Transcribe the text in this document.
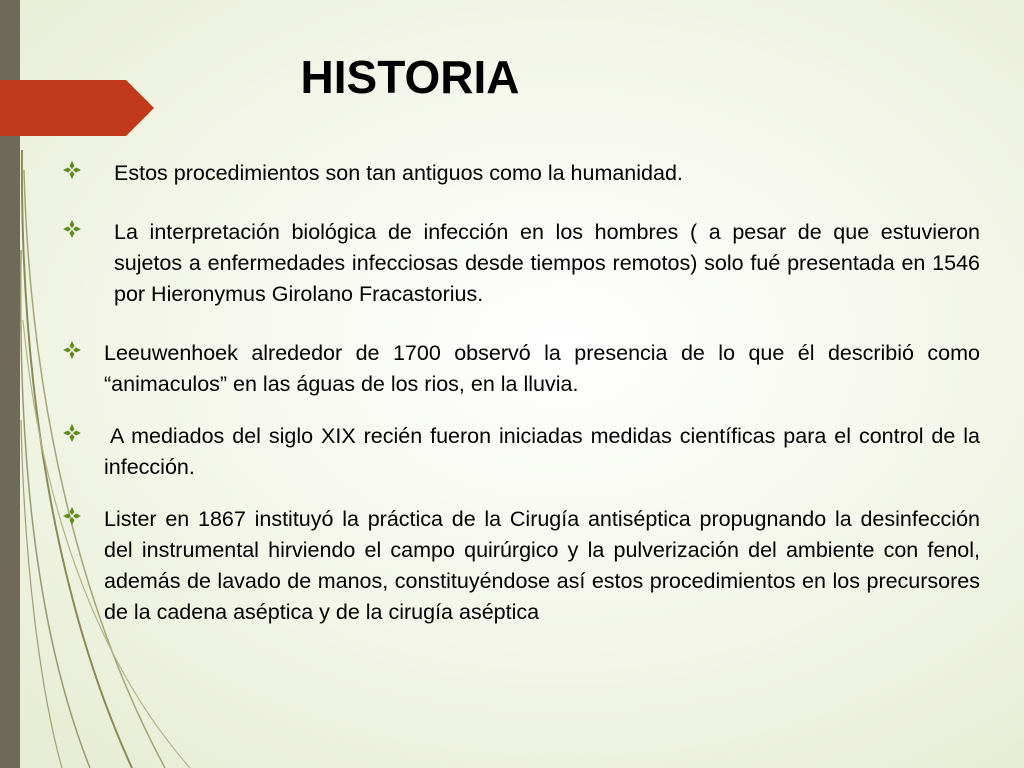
HISTORIA
Estos procedimientos son tan antiguos como la humanidad.
La interpretación biológica de infección en los hombres ( a pesar de que estuvieron sujetos a enfermedades infecciosas desde tiempos remotos) solo fué presentada en 1546 por Hieronymus Girolano Fracastorius.
Leeuwenhoek alrededor de 1700 observó la presencia de lo que él describió como “animaculos” en las águas de los rios, en la lluvia.
A mediados del siglo XIX recién fueron iniciadas medidas científicas para el control de la infección.
Lister en 1867 instituyó la práctica de la Cirugía antiséptica propugnando la desinfección del instrumental hirviendo el campo quirúrgico y la pulverización del ambiente con fenol, además de lavado de manos, constituyéndose así estos procedimientos en los precursores de la cadena aséptica y de la cirugía aséptica
